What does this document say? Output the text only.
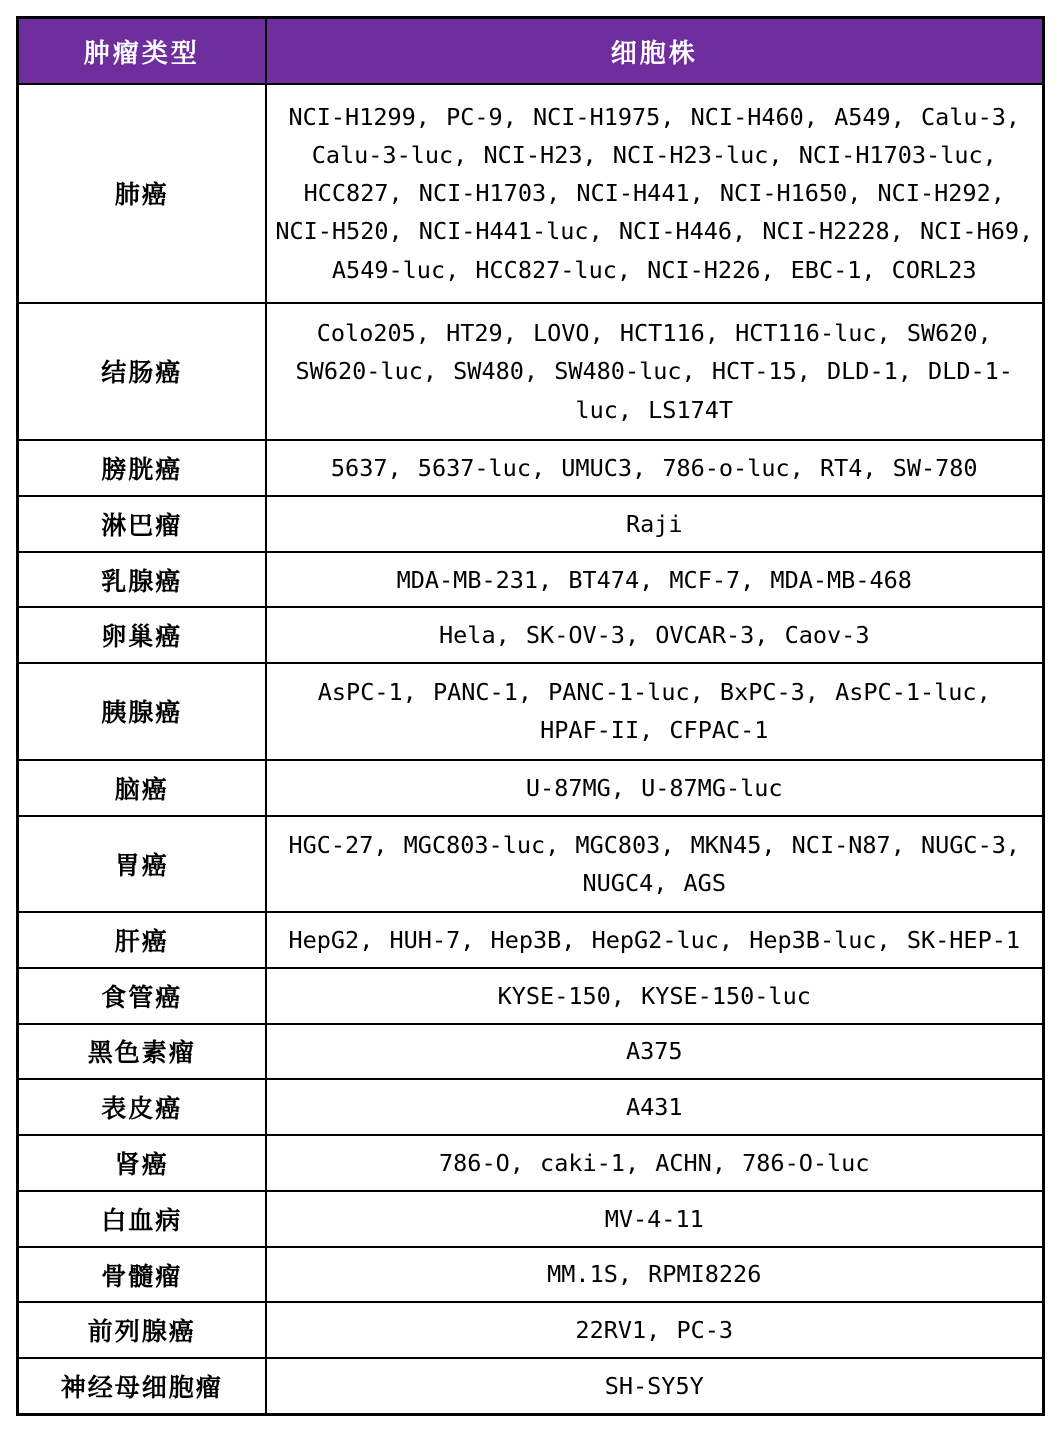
肿瘤类型	细胞株
肺癌	NCI-H1299, PC-9, NCI-H1975, NCI-H460, A549, Calu-3, Calu-3-luc, NCI-H23, NCI-H23-luc, NCI-H1703-luc, HCC827, NCI-H1703, NCI-H441, NCI-H1650, NCI-H292, NCI-H520, NCI-H441-luc, NCI-H446, NCI-H2228, NCI-H69, A549-luc, HCC827-luc, NCI-H226, EBC-1, CORL23
结肠癌	Colo205, HT29, LOVO, HCT116, HCT116-luc, SW620, SW620-luc, SW480, SW480-luc, HCT-15, DLD-1, DLD-1-luc, LS174T
膀胱癌	5637, 5637-luc, UMUC3, 786-o-luc, RT4, SW-780
淋巴瘤	Raji
乳腺癌	MDA-MB-231, BT474, MCF-7, MDA-MB-468
卵巢癌	Hela, SK-OV-3, OVCAR-3, Caov-3
胰腺癌	AsPC-1, PANC-1, PANC-1-luc, BxPC-3, AsPC-1-luc, HPAF-II, CFPAC-1
脑癌	U-87MG, U-87MG-luc
胃癌	HGC-27, MGC803-luc, MGC803, MKN45, NCI-N87, NUGC-3, NUGC4, AGS
肝癌	HepG2, HUH-7, Hep3B, HepG2-luc, Hep3B-luc, SK-HEP-1
食管癌	KYSE-150, KYSE-150-luc
黑色素瘤	A375
表皮癌	A431
肾癌	786-O, caki-1, ACHN, 786-O-luc
白血病	MV-4-11
骨髓瘤	MM.1S, RPMI8226
前列腺癌	22RV1, PC-3
神经母细胞瘤	SH-SY5Y
